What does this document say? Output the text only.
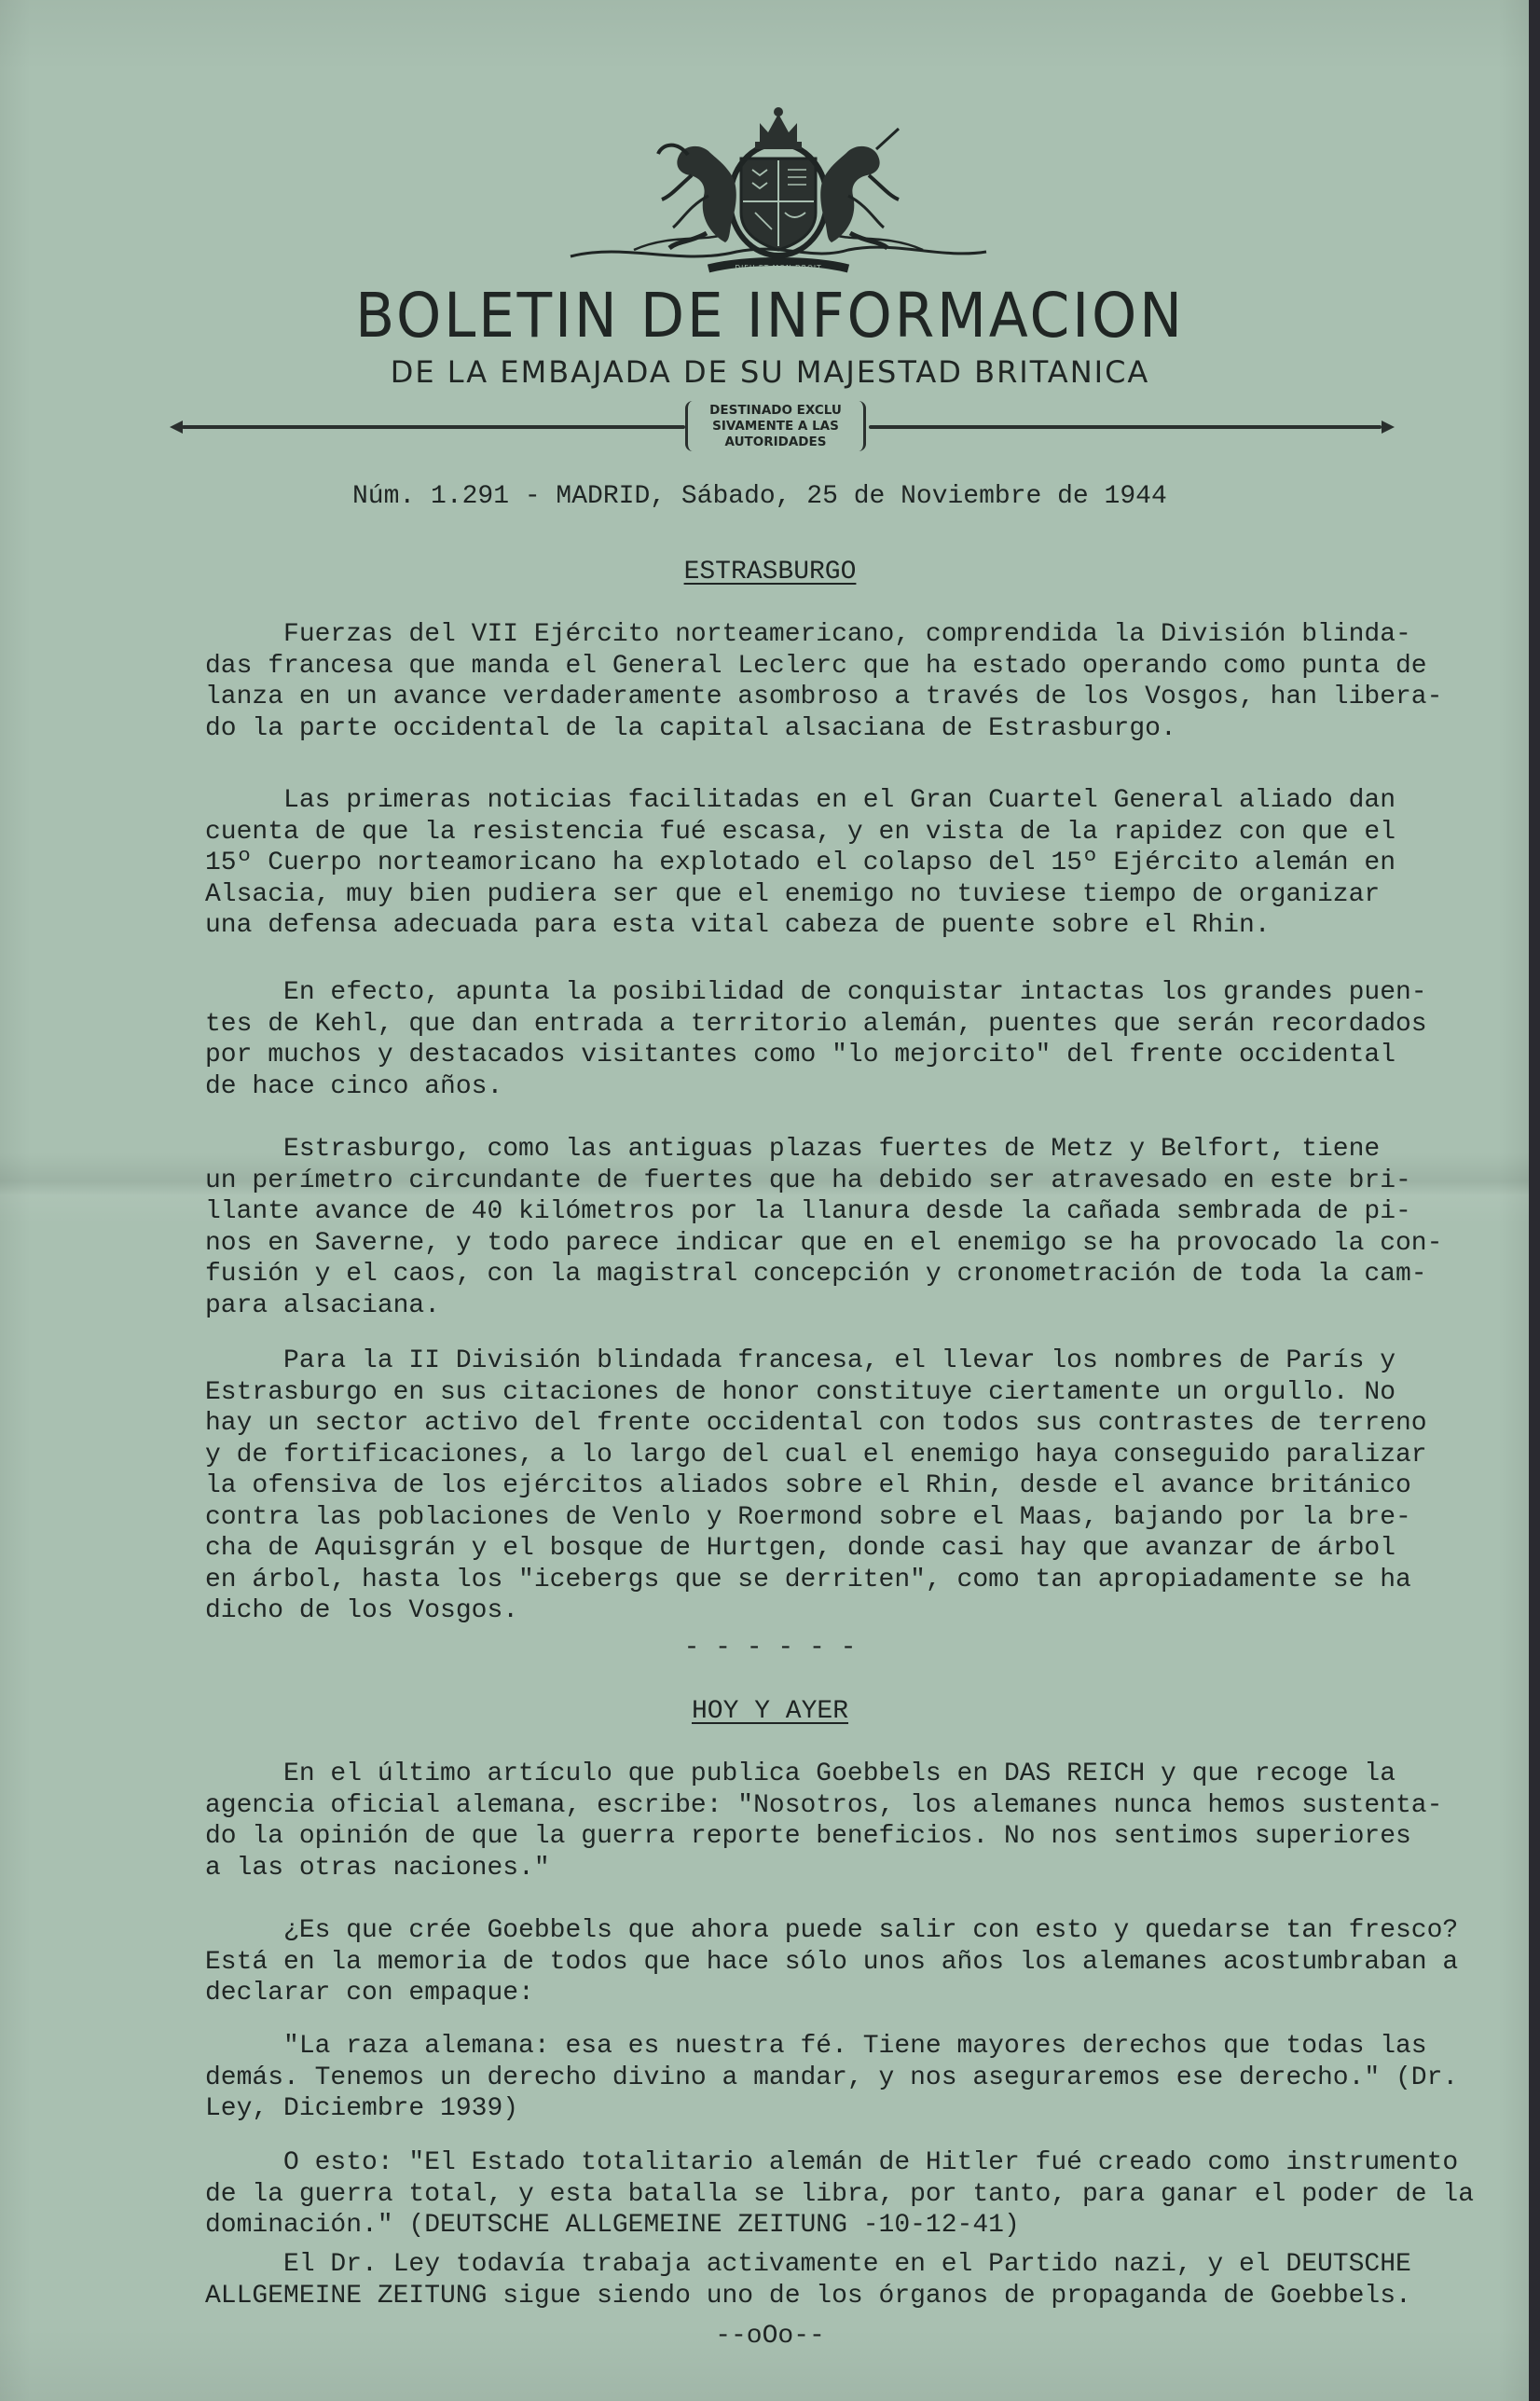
DIEU ET MON DROIT
BOLETIN DE INFORMACION
DE LA EMBAJADA DE SU MAJESTAD BRITANICA
DESTINADO EXCLU
SIVAMENTE A LAS
AUTORIDADES

Núm. 1.291 - MADRID, Sábado, 25 de Noviembre de 1944

ESTRASBURGO

Fuerzas del VII Ejército norteamericano, comprendida la División blinda-
das francesa que manda el General Leclerc que ha estado operando como punta de
lanza en un avance verdaderamente asombroso a través de los Vosgos, han libera-
do la parte occidental de la capital alsaciana de Estrasburgo.
Las primeras noticias facilitadas en el Gran Cuartel General aliado dan
cuenta de que la resistencia fué escasa, y en vista de la rapidez con que el
15º Cuerpo norteamoricano ha explotado el colapso del 15º Ejército alemán en
Alsacia, muy bien pudiera ser que el enemigo no tuviese tiempo de organizar
una defensa adecuada para esta vital cabeza de puente sobre el Rhin.
En efecto, apunta la posibilidad de conquistar intactas los grandes puen-
tes de Kehl, que dan entrada a territorio alemán, puentes que serán recordados
por muchos y destacados visitantes como "lo mejorcito" del frente occidental
de hace cinco años.
Estrasburgo, como las antiguas plazas fuertes de Metz y Belfort, tiene
un perímetro circundante de fuertes que ha debido ser atravesado en este bri-
llante avance de 40 kilómetros por la llanura desde la cañada sembrada de pi-
nos en Saverne, y todo parece indicar que en el enemigo se ha provocado la con-
fusión y el caos, con la magistral concepción y cronometración de toda la cam-
para alsaciana.
Para la II División blindada francesa, el llevar los nombres de París y
Estrasburgo en sus citaciones de honor constituye ciertamente un orgullo. No
hay un sector activo del frente occidental con todos sus contrastes de terreno
y de fortificaciones, a lo largo del cual el enemigo haya conseguido paralizar
la ofensiva de los ejércitos aliados sobre el Rhin, desde el avance británico
contra las poblaciones de Venlo y Roermond sobre el Maas, bajando por la bre-
cha de Aquisgrán y el bosque de Hurtgen, donde casi hay que avanzar de árbol
en árbol, hasta los "icebergs que se derriten", como tan apropiadamente se ha
dicho de los Vosgos.

- - - - - -

HOY Y AYER

En el último artículo que publica Goebbels en DAS REICH y que recoge la
agencia oficial alemana, escribe: "Nosotros, los alemanes nunca hemos sustenta-
do la opinión de que la guerra reporte beneficios. No nos sentimos superiores
a las otras naciones."
¿Es que crée Goebbels que ahora puede salir con esto y quedarse tan fresco?
Está en la memoria de todos que hace sólo unos años los alemanes acostumbraban a
declarar con empaque:
"La raza alemana: esa es nuestra fé. Tiene mayores derechos que todas las
demás. Tenemos un derecho divino a mandar, y nos aseguraremos ese derecho." (Dr.
Ley, Diciembre 1939)
O esto: "El Estado totalitario alemán de Hitler fué creado como instrumento
de la guerra total, y esta batalla se libra, por tanto, para ganar el poder de la
dominación." (DEUTSCHE ALLGEMEINE ZEITUNG -10-12-41)
El Dr. Ley todavía trabaja activamente en el Partido nazi, y el DEUTSCHE
ALLGEMEINE ZEITUNG sigue siendo uno de los órganos de propaganda de Goebbels.

--oOo--
